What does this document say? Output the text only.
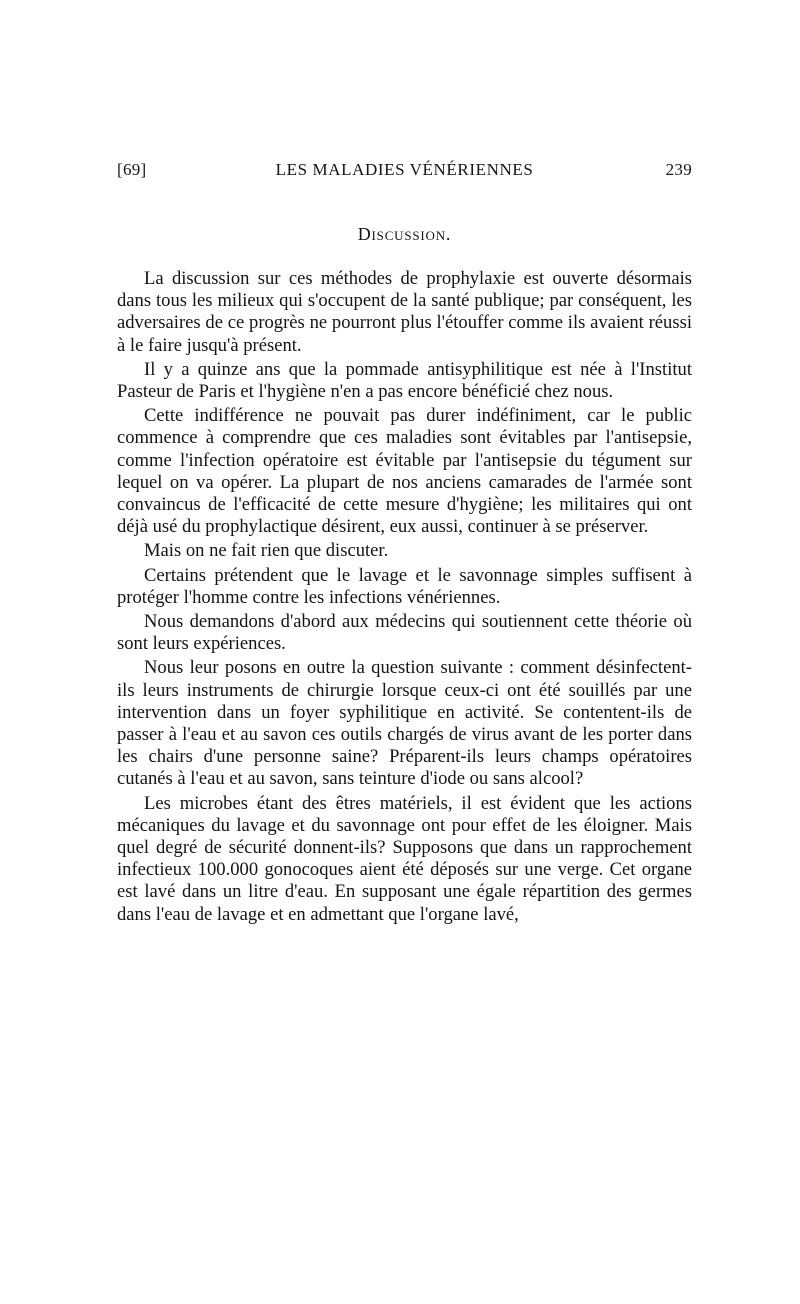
[69]	LES MALADIES VÉNÉRIENNES	239
Discussion.

La discussion sur ces méthodes de prophylaxie est ouverte désormais dans tous les milieux qui s'occupent de la santé publique; par conséquent, les adversaires de ce progrès ne pourront plus l'étouffer comme ils avaient réussi à le faire jusqu'à présent.

Il y a quinze ans que la pommade antisyphilitique est née à l'Institut Pasteur de Paris et l'hygiène n'en a pas encore bénéficié chez nous.

Cette indifférence ne pouvait pas durer indéfiniment, car le public commence à comprendre que ces maladies sont évitables par l'antisepsie, comme l'infection opératoire est évitable par l'antisepsie du tégument sur lequel on va opérer. La plupart de nos anciens camarades de l'armée sont convaincus de l'efficacité de cette mesure d'hygiène; les militaires qui ont déjà usé du prophylactique désirent, eux aussi, continuer à se préserver.

Mais on ne fait rien que discuter.

Certains prétendent que le lavage et le savonnage simples suffisent à protéger l'homme contre les infections vénériennes.

Nous demandons d'abord aux médecins qui soutiennent cette théorie où sont leurs expériences.

Nous leur posons en outre la question suivante : comment désinfectent-ils leurs instruments de chirurgie lorsque ceux-ci ont été souillés par une intervention dans un foyer syphilitique en activité. Se contentent-ils de passer à l'eau et au savon ces outils chargés de virus avant de les porter dans les chairs d'une personne saine? Préparent-ils leurs champs opératoires cutanés à l'eau et au savon, sans teinture d'iode ou sans alcool?

Les microbes étant des êtres matériels, il est évident que les actions mécaniques du lavage et du savonnage ont pour effet de les éloigner. Mais quel degré de sécurité donnent-ils? Supposons que dans un rapprochement infectieux 100.000 gonocoques aient été déposés sur une verge. Cet organe est lavé dans un litre d'eau. En supposant une égale répartition des germes dans l'eau de lavage et en admettant que l'organe lavé,
